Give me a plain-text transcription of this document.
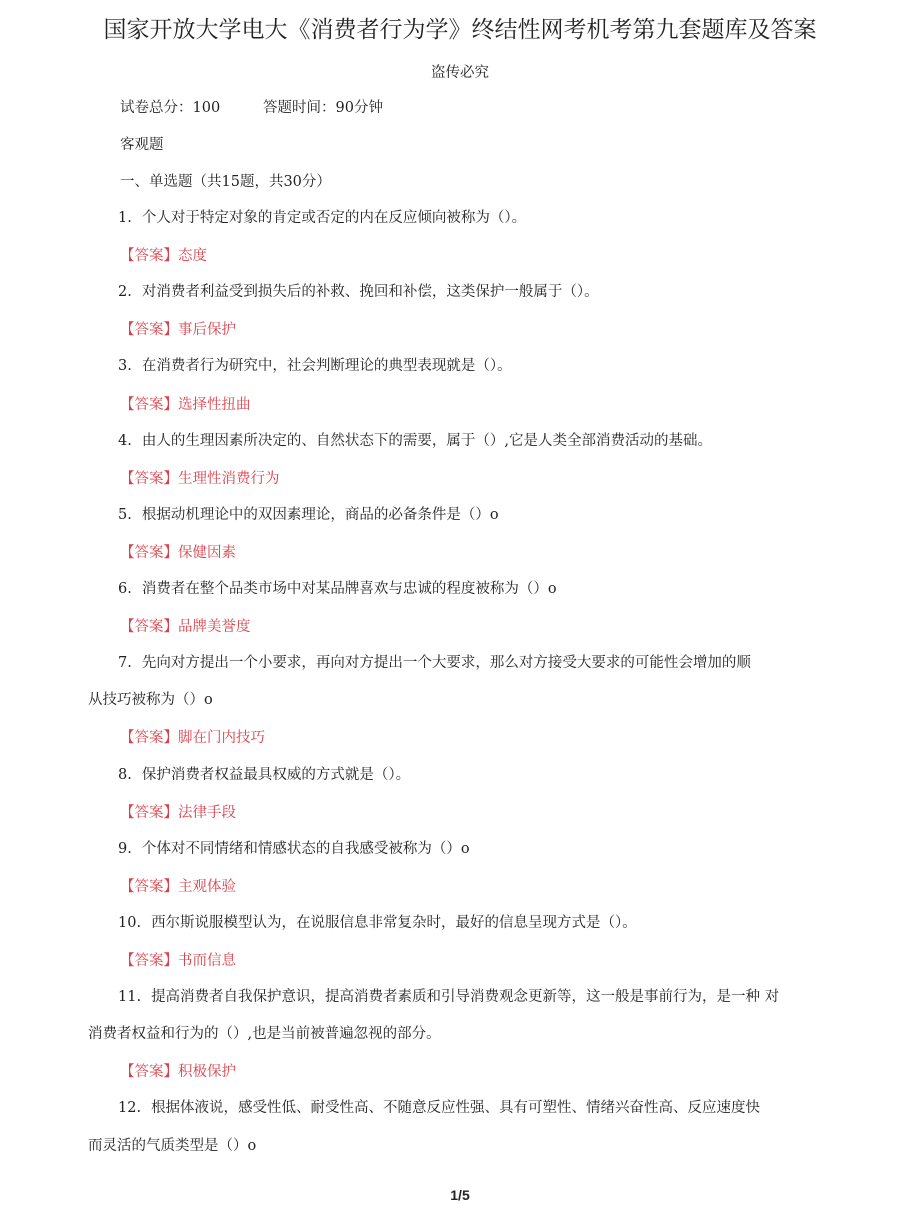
国家开放大学电大《消费者行为学》终结性网考机考第九套题库及答案
盗传必究
试卷总分：100	答题时间：90分钟
客观题
一、单选题（共15题，共30分）
1/5
1. 个人对于特定对象的肯定或否定的内在反应倾向被称为（）。
【答案】态度
2. 对消费者利益受到损失后的补救、挽回和补偿，这类保护一般属于（）。
【答案】事后保护
3. 在消费者行为研究中，社会判断理论的典型表现就是（）。
【答案】选择性扭曲
4. 由人的生理因素所决定的、自然状态下的需要，属于（）,它是人类全部消费活动的基础。
【答案】生理性消费行为
5. 根据动机理论中的双因素理论，商品的必备条件是（）o
【答案】保健因素
6. 消费者在整个品类市场中对某品牌喜欢与忠诚的程度被称为（）o
【答案】品牌美誉度
7. 先向对方提出一个小要求，再向对方提出一个大要求，那么对方接受大要求的可能性会增加的顺
从技巧被称为（）o
【答案】脚在门内技巧
8. 保护消费者权益最具权威的方式就是（）。
【答案】法律手段
9. 个体对不同情绪和情感状态的自我感受被称为（）o
【答案】主观体验
10. 西尔斯说服模型认为，在说服信息非常复杂时，最好的信息呈现方式是（）。
【答案】书而信息
11. 提高消费者自我保护意识，提高消费者素质和引导消费观念更新等，这一般是事前行为，是一种 对
消费者权益和行为的（）,也是当前被普遍忽视的部分。
【答案】积极保护
12. 根据体液说，感受性低、耐受性高、不随意反应性强、具有可塑性、情绪兴奋性高、反应速度快
而灵活的气质类型是（）o
